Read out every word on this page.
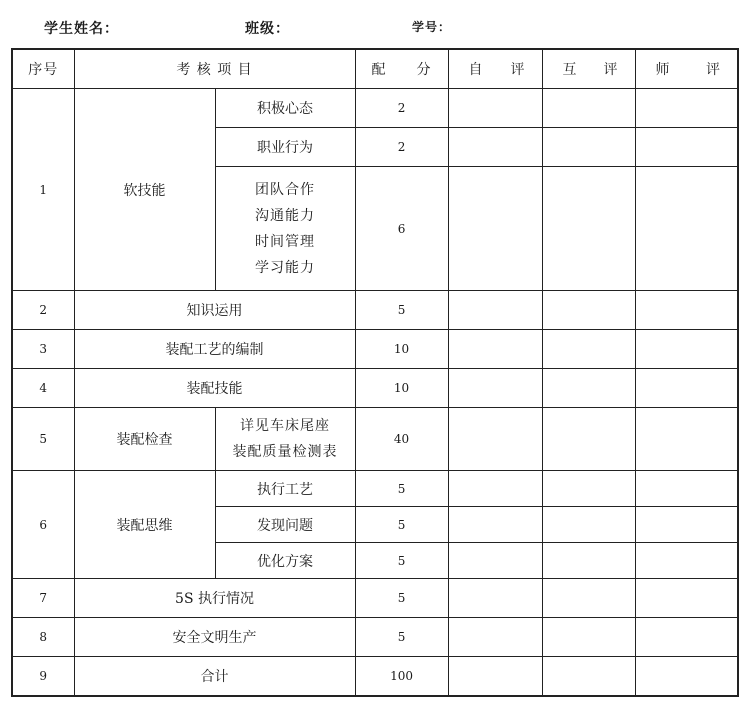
学生姓名：	班级：	学号：
序号	考 核 项 目		配　　分	自 评	互 评	师 评

1	软技能	积极心态	2			
		职业行为	2			

		团队合作
沟通能力
时间管理
学习能力	6			
2	知识运用		5			
3	装配工艺的编制		10			
4	装配技能		10			
5	装配检查	详见车床尾座
装配质量检测表	40			
6	装配思维	执行工艺	5			
		发现问题	5			
		优化方案	5			
7	5S 执行情况		5			
8	安全文明生产		5			
9	合计		100			
